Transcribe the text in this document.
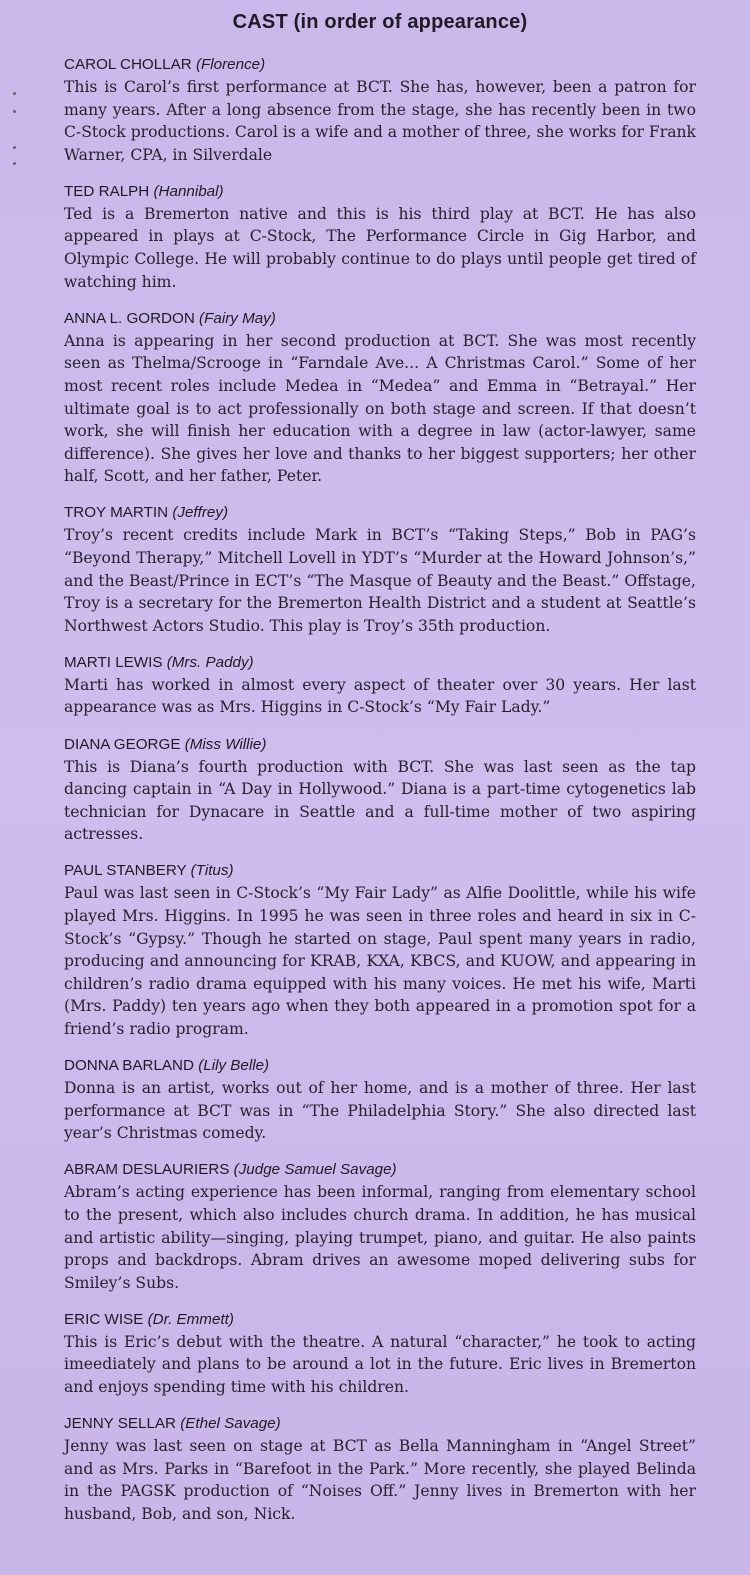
CAST (in order of appearance)
CAROL CHOLLAR (Florence)
This is Carol’s first performance at BCT. She has, however, been a patron for many years. After a long absence from the stage, she has recently been in two C-Stock productions. Carol is a wife and a mother of three, she works for Frank Warner, CPA, in Silverdale
TED RALPH (Hannibal)
Ted is a Bremerton native and this is his third play at BCT. He has also appeared in plays at C-Stock, The Performance Circle in Gig Harbor, and Olympic College. He will probably continue to do plays until people get tired of watching him.
ANNA L. GORDON (Fairy May)
Anna is appearing in her second production at BCT. She was most recently seen as Thelma/Scrooge in “Farndale Ave... A Christmas Carol.” Some of her most recent roles include Medea in “Medea” and Emma in “Betrayal.” Her ultimate goal is to act professionally on both stage and screen. If that doesn’t work, she will finish her education with a degree in law (actor-lawyer, same difference). She gives her love and thanks to her biggest supporters; her other half, Scott, and her father, Peter.
TROY MARTIN (Jeffrey)
Troy’s recent credits include Mark in BCT’s “Taking Steps,” Bob in PAG’s “Beyond Therapy,” Mitchell Lovell in YDT’s “Murder at the Howard Johnson’s,” and the Beast/Prince in ECT’s “The Masque of Beauty and the Beast.” Offstage, Troy is a secretary for the Bremerton Health District and a student at Seattle’s Northwest Actors Studio. This play is Troy’s 35th production.
MARTI LEWIS (Mrs. Paddy)
Marti has worked in almost every aspect of theater over 30 years. Her last appearance was as Mrs. Higgins in C-Stock’s “My Fair Lady.”
DIANA GEORGE (Miss Willie)
This is Diana’s fourth production with BCT. She was last seen as the tap dancing captain in “A Day in Hollywood.” Diana is a part-time cytogenetics lab technician for Dynacare in Seattle and a full-time mother of two aspiring actresses.
PAUL STANBERY (Titus)
Paul was last seen in C-Stock’s “My Fair Lady” as Alfie Doolittle, while his wife played Mrs. Higgins. In 1995 he was seen in three roles and heard in six in C-Stock’s “Gypsy.” Though he started on stage, Paul spent many years in radio, producing and announcing for KRAB, KXA, KBCS, and KUOW, and appearing in children’s radio drama equipped with his many voices. He met his wife, Marti (Mrs. Paddy) ten years ago when they both appeared in a promotion spot for a friend’s radio program.
DONNA BARLAND (Lily Belle)
Donna is an artist, works out of her home, and is a mother of three. Her last performance at BCT was in “The Philadelphia Story.” She also directed last year’s Christmas comedy.
ABRAM DESLAURIERS (Judge Samuel Savage)
Abram’s acting experience has been informal, ranging from elementary school to the present, which also includes church drama. In addition, he has musical and artistic ability—singing, playing trumpet, piano, and guitar. He also paints props and backdrops. Abram drives an awesome moped delivering subs for Smiley’s Subs.
ERIC WISE (Dr. Emmett)
This is Eric’s debut with the theatre. A natural “character,” he took to acting imeediately and plans to be around a lot in the future. Eric lives in Bremerton and enjoys spending time with his children.
JENNY SELLAR (Ethel Savage)
Jenny was last seen on stage at BCT as Bella Manningham in “Angel Street” and as Mrs. Parks in “Barefoot in the Park.” More recently, she played Belinda in the PAGSK production of “Noises Off.” Jenny lives in Bremerton with her husband, Bob, and son, Nick.
